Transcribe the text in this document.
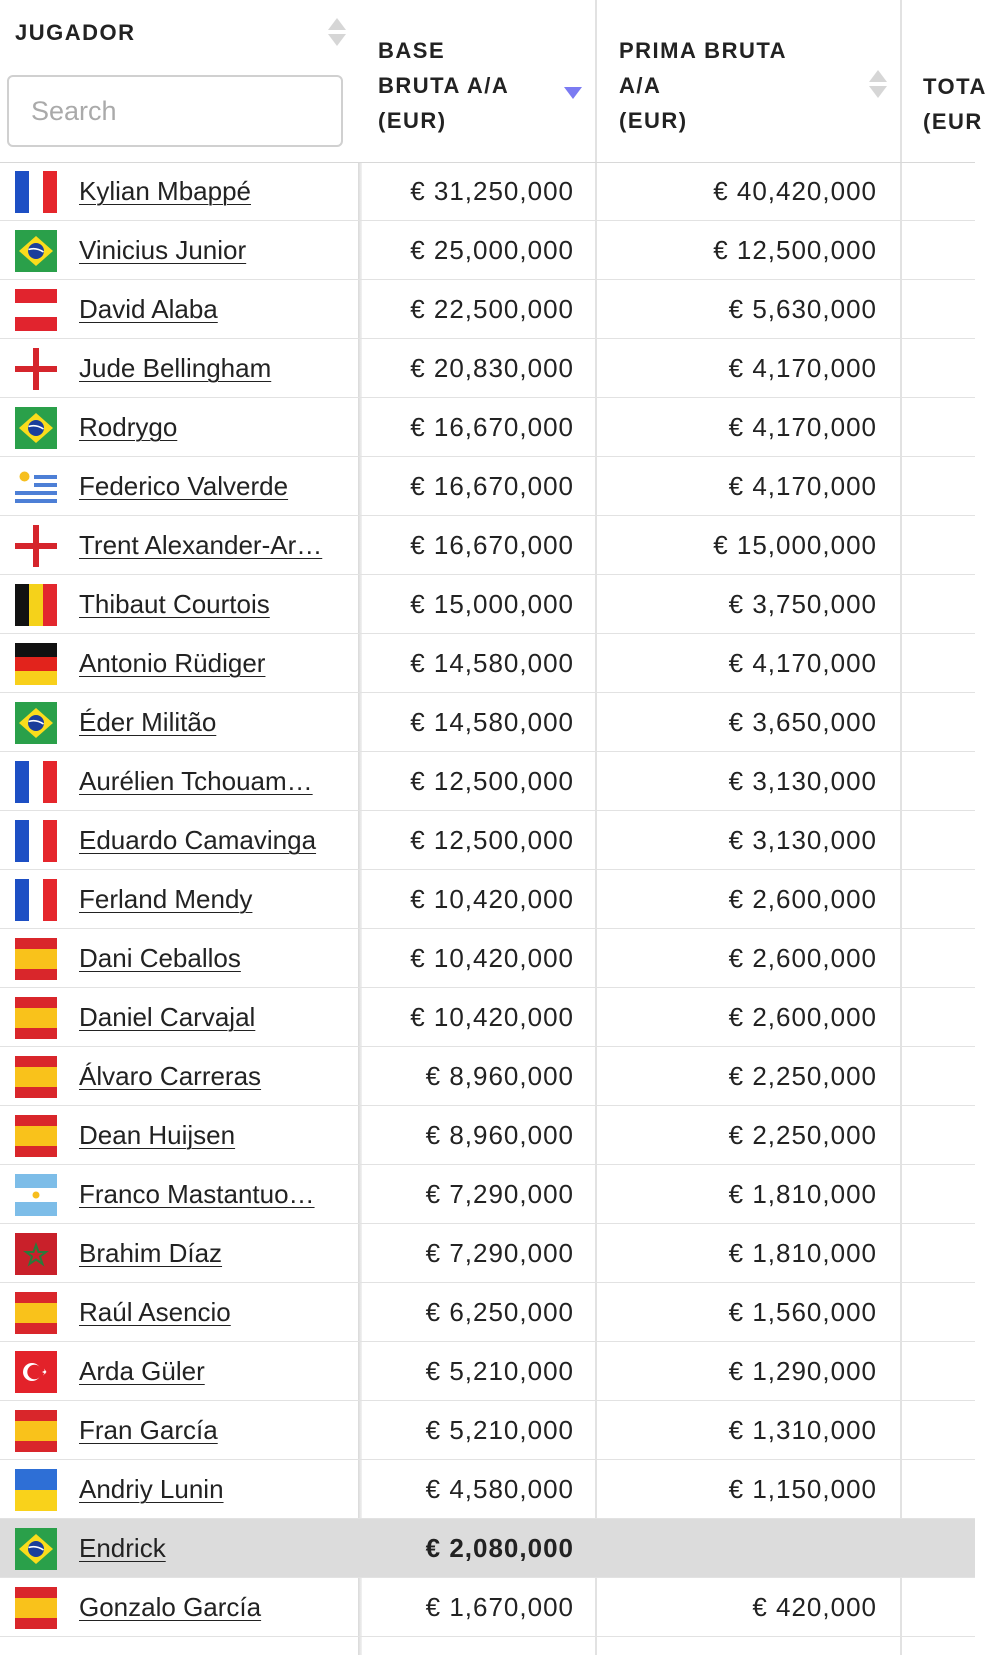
JUGADOR
Search
BASE
BRUTA A/A
(EUR)
PRIMA BRUTA
A/A
(EUR)
TOTA
(EUR
Kylian Mbappé	€ 31,250,000	€ 40,420,000
Vinicius Junior	€ 25,000,000	€ 12,500,000
David Alaba	€ 22,500,000	€ 5,630,000
Jude Bellingham	€ 20,830,000	€ 4,170,000
Rodrygo	€ 16,670,000	€ 4,170,000
Federico Valverde	€ 16,670,000	€ 4,170,000
Trent Alexander-Ar…	€ 16,670,000	€ 15,000,000
Thibaut Courtois	€ 15,000,000	€ 3,750,000
Antonio Rüdiger	€ 14,580,000	€ 4,170,000
Éder Militão	€ 14,580,000	€ 3,650,000
Aurélien Tchouam…	€ 12,500,000	€ 3,130,000
Eduardo Camavinga	€ 12,500,000	€ 3,130,000
Ferland Mendy	€ 10,420,000	€ 2,600,000
Dani Ceballos	€ 10,420,000	€ 2,600,000
Daniel Carvajal	€ 10,420,000	€ 2,600,000
Álvaro Carreras	€ 8,960,000	€ 2,250,000
Dean Huijsen	€ 8,960,000	€ 2,250,000
Franco Mastantuo…	€ 7,290,000	€ 1,810,000
Brahim Díaz	€ 7,290,000	€ 1,810,000
Raúl Asencio	€ 6,250,000	€ 1,560,000
Arda Güler	€ 5,210,000	€ 1,290,000
Fran García	€ 5,210,000	€ 1,310,000
Andriy Lunin	€ 4,580,000	€ 1,150,000
Endrick	€ 2,080,000
Gonzalo García	€ 1,670,000	€ 420,000
